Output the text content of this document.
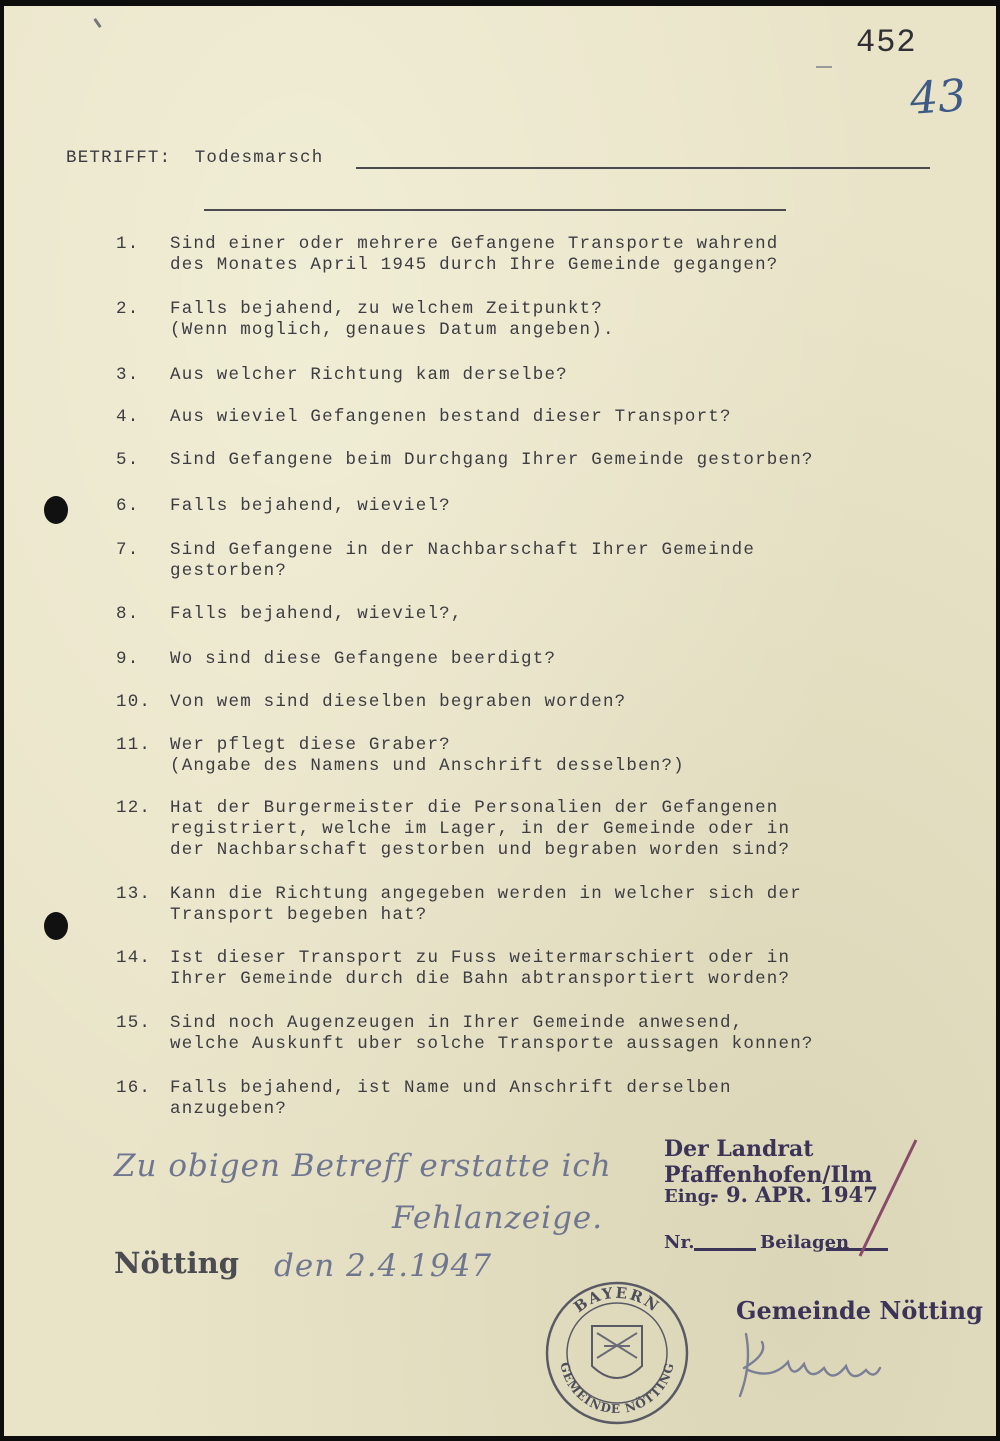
452
43
BETRIFFT: Todesmarsch
1. Sind einer oder mehrere Gefangene Transporte wahrend
des Monates April 1945 durch Ihre Gemeinde gegangen?
2. Falls bejahend, zu welchem Zeitpunkt?
(Wenn moglich, genaues Datum angeben).
3. Aus welcher Richtung kam derselbe?
4. Aus wieviel Gefangenen bestand dieser Transport?
5. Sind Gefangene beim Durchgang Ihrer Gemeinde gestorben?
6. Falls bejahend, wieviel?
7. Sind Gefangene in der Nachbarschaft Ihrer Gemeinde
gestorben?
8. Falls bejahend, wieviel?,
9. Wo sind diese Gefangene beerdigt?
10. Von wem sind dieselben begraben worden?
11. Wer pflegt diese Graber?
(Angabe des Namens und Anschrift desselben?)
12. Hat der Burgermeister die Personalien der Gefangenen
registriert, welche im Lager, in der Gemeinde oder in
der Nachbarschaft gestorben und begraben worden sind?
13. Kann die Richtung angegeben werden in welcher sich der
Transport begeben hat?
14. Ist dieser Transport zu Fuss weitermarschiert oder in
Ihrer Gemeinde durch die Bahn abtransportiert worden?
15. Sind noch Augenzeugen in Ihrer Gemeinde anwesend,
welche Auskunft uber solche Transporte aussagen konnen?
16. Falls bejahend, ist Name und Anschrift derselben
anzugeben?
Zu obigen Betreff erstatte ich
Fehlanzeige.
Nötting den 2.4.1947
Der Landrat Pfaffenhofen/Ilm
Eing.
- 9. APR. 1947
Nr.	Beilagen
Gemeinde Nötting
BAYERN
GEMEINDE NÖTTING
